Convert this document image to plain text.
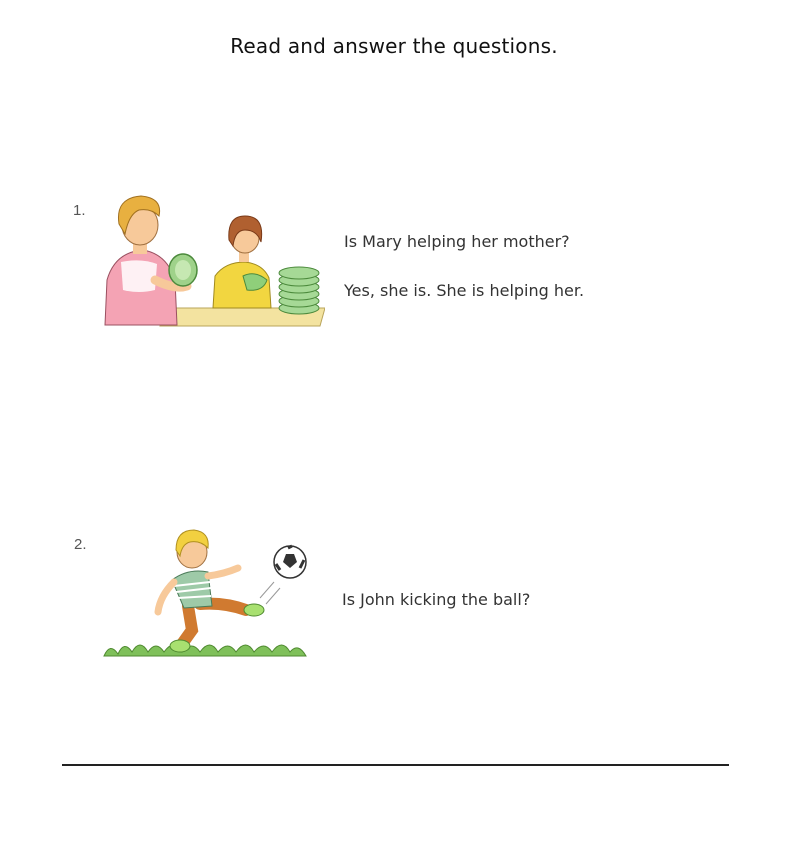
Read and answer the questions.
1.
Is Mary helping her mother?
Yes, she is. She is helping her.
2.
Is John kicking the ball?
